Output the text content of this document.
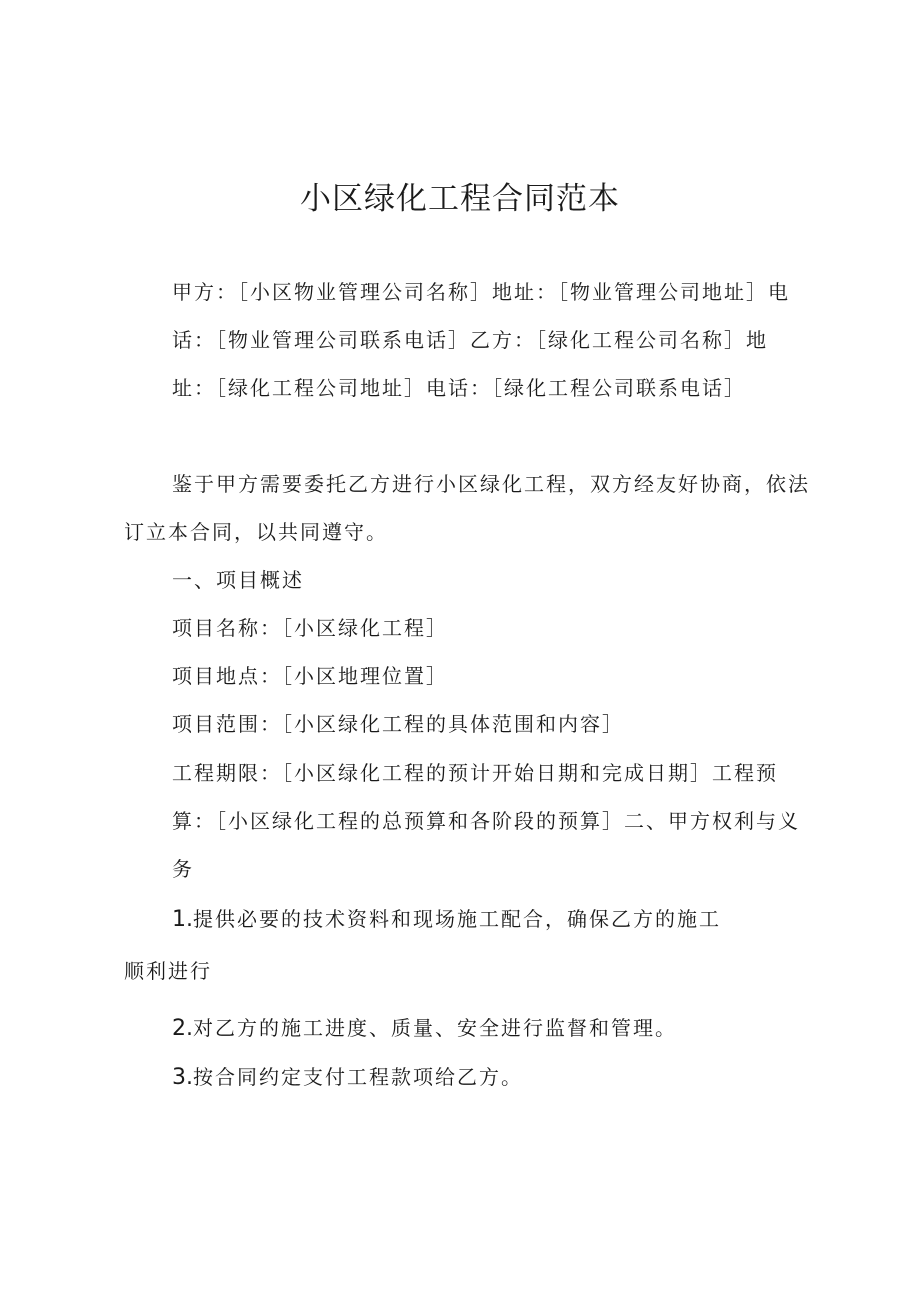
小区绿化工程合同范本
甲方：［小区物业管理公司名称］地址：［物业管理公司地址］电
话：［物业管理公司联系电话］乙方：［绿化工程公司名称］地
址：［绿化工程公司地址］电话：［绿化工程公司联系电话］
鉴于甲方需要委托乙方进行小区绿化工程，双方经友好协商，依法
订立本合同，以共同遵守。
一、项目概述
项目名称：［小区绿化工程］
项目地点：［小区地理位置］
项目范围：［小区绿化工程的具体范围和内容］
工程期限：［小区绿化工程的预计开始日期和完成日期］工程预
算：［小区绿化工程的总预算和各阶段的预算］二、甲方权利与义
务
1.提供必要的技术资料和现场施工配合，确保乙方的施工
顺利进行
2.对乙方的施工进度、质量、安全进行监督和管理。
3.按合同约定支付工程款项给乙方。
